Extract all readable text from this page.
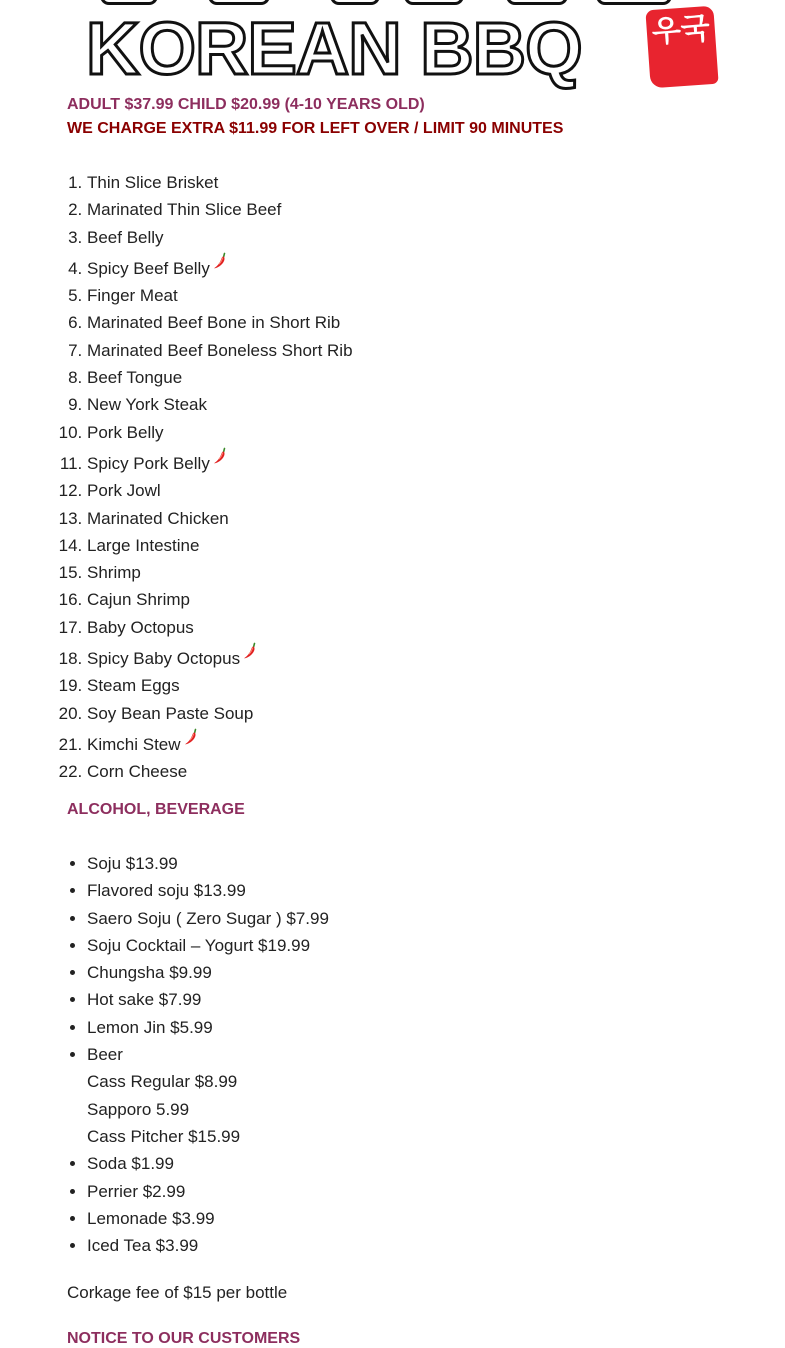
KOREAN BBQ	우국
ADULT $37.99 CHILD $20.99 (4-10 YEARS OLD)
WE CHARGE EXTRA $11.99 FOR LEFT OVER / LIMIT 90 MINUTES
1. Thin Slice Brisket
2. Marinated Thin Slice Beef
3. Beef Belly
4. Spicy Beef Belly
5. Finger Meat
6. Marinated Beef Bone in Short Rib
7. Marinated Beef Boneless Short Rib
8. Beef Tongue
9. New York Steak
10. Pork Belly
11. Spicy Pork Belly
12. Pork Jowl
13. Marinated Chicken
14. Large Intestine
15. Shrimp
16. Cajun Shrimp
17. Baby Octopus
18. Spicy Baby Octopus
19. Steam Eggs
20. Soy Bean Paste Soup
21. Kimchi Stew
22. Corn Cheese
ALCOHOL, BEVERAGE
• Soju $13.99
• Flavored soju $13.99
• Saero Soju ( Zero Sugar ) $7.99
• Soju Cocktail – Yogurt $19.99
• Chungsha $9.99
• Hot sake $7.99
• Lemon Jin $5.99
• Beer
Cass Regular $8.99
Sapporo 5.99
Cass Pitcher $15.99
• Soda $1.99
• Perrier $2.99
• Lemonade $3.99
• Iced Tea $3.99
Corkage fee of $15 per bottle
NOTICE TO OUR CUSTOMERS
